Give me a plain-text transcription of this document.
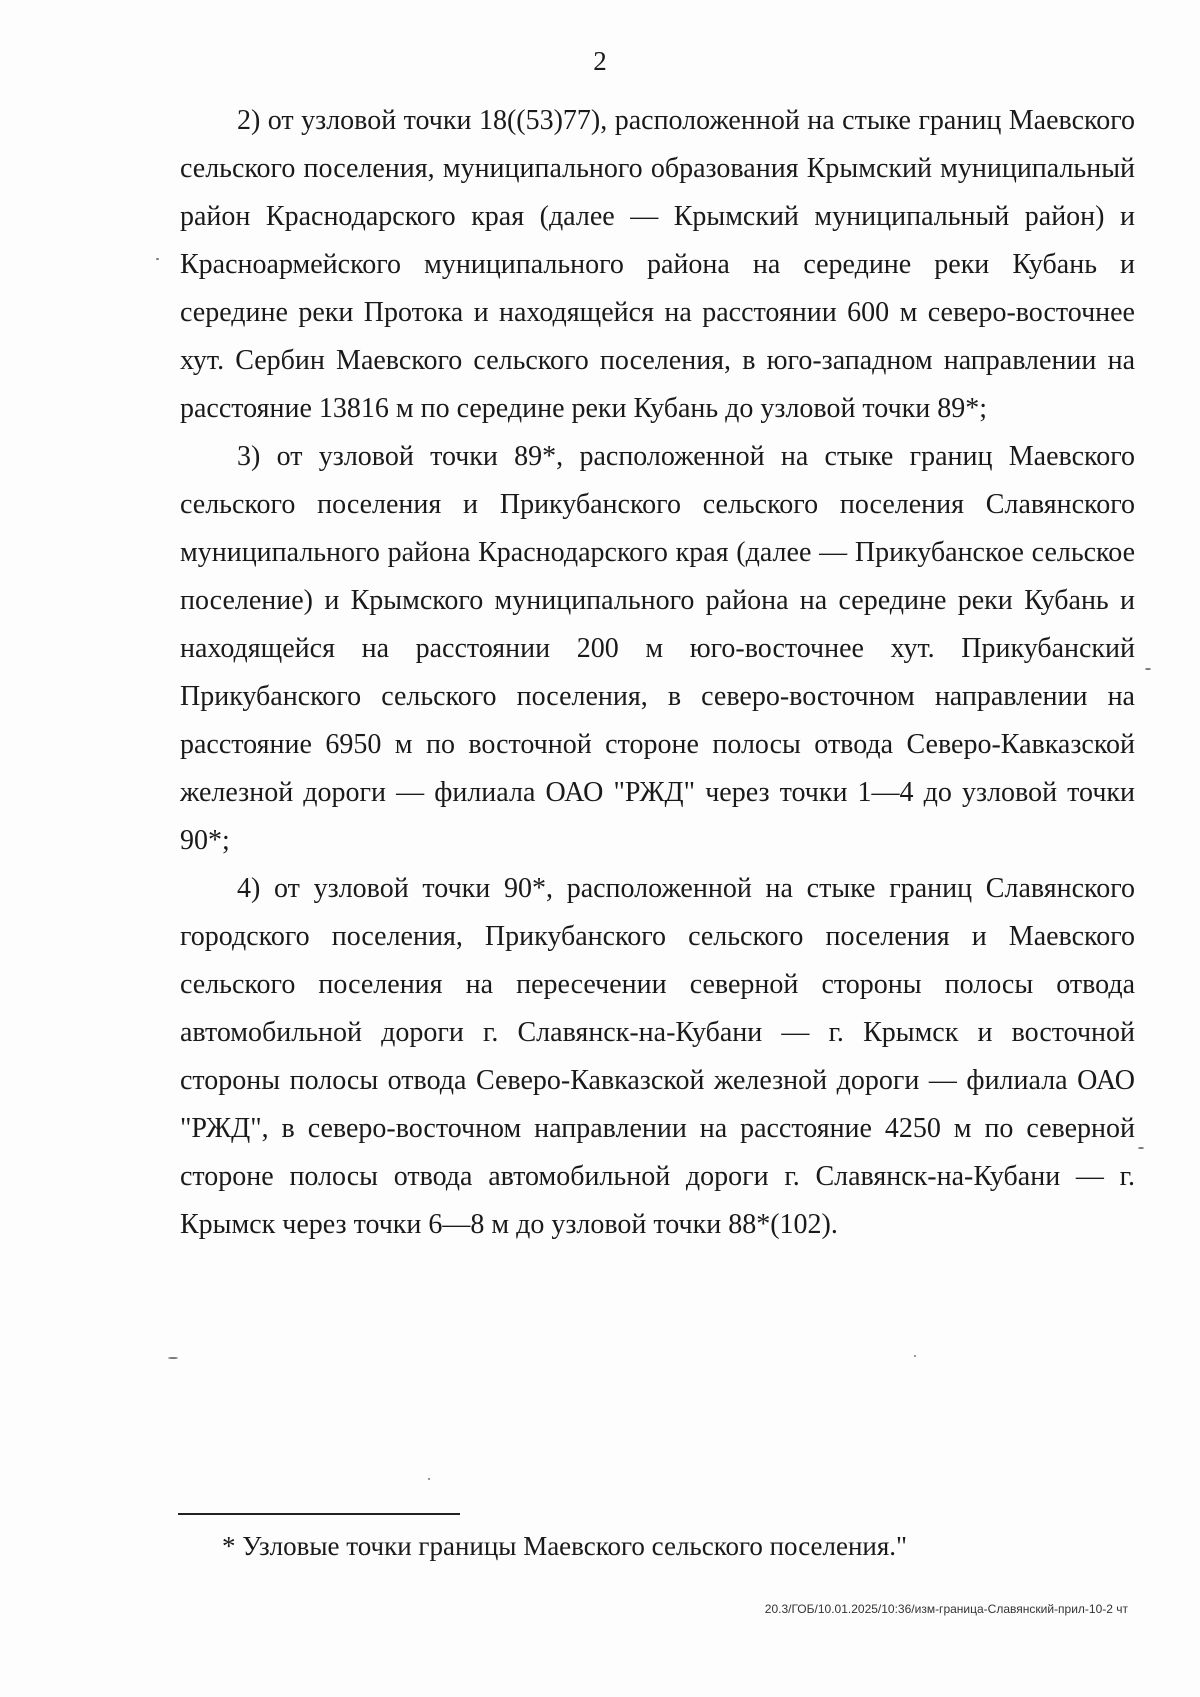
2

2) от узловой точки 18((53)77), расположенной на стыке границ Маевского сельского поселения, муниципального образования Крымский муниципальный район Краснодарского края (далее — Крымский муниципальный район) и Красноармейского муниципального района на середине реки Кубань и середине реки Протока и находящейся на расстоянии 600 м северо-восточнее хут. Сербин Маевского сельского поселения, в юго-западном направлении на расстояние 13816 м по середине реки Кубань до узловой точки 89*;

3) от узловой точки 89*, расположенной на стыке границ Маевского сельского поселения и Прикубанского сельского поселения Славянского муниципального района Краснодарского края (далее — Прикубанское сельское поселение) и Крымского муниципального района на середине реки Кубань и находящейся на расстоянии 200 м юго-восточнее хут. Прикубанский Прикубанского сельского поселения, в северо-восточном направлении на расстояние 6950 м по восточной стороне полосы отвода Северо-Кавказской железной дороги — филиала ОАО "РЖД" через точки 1—4 до узловой точки 90*;

4) от узловой точки 90*, расположенной на стыке границ Славянского городского поселения, Прикубанского сельского поселения и Маевского сельского поселения на пересечении северной стороны полосы отвода автомобильной дороги г. Славянск-на-Кубани — г. Крымск и восточной стороны полосы отвода Северо-Кавказской железной дороги — филиала ОАО "РЖД", в северо-восточном направлении на расстояние 4250 м по северной стороне полосы отвода автомобильной дороги г. Славянск-на-Кубани — г. Крымск через точки 6—8 м до узловой точки 88*(102).

* Узловые точки границы Маевского сельского поселения."
20.3/ГОБ/10.01.2025/10:36/изм-граница-Славянский-прил-10-2 чт
